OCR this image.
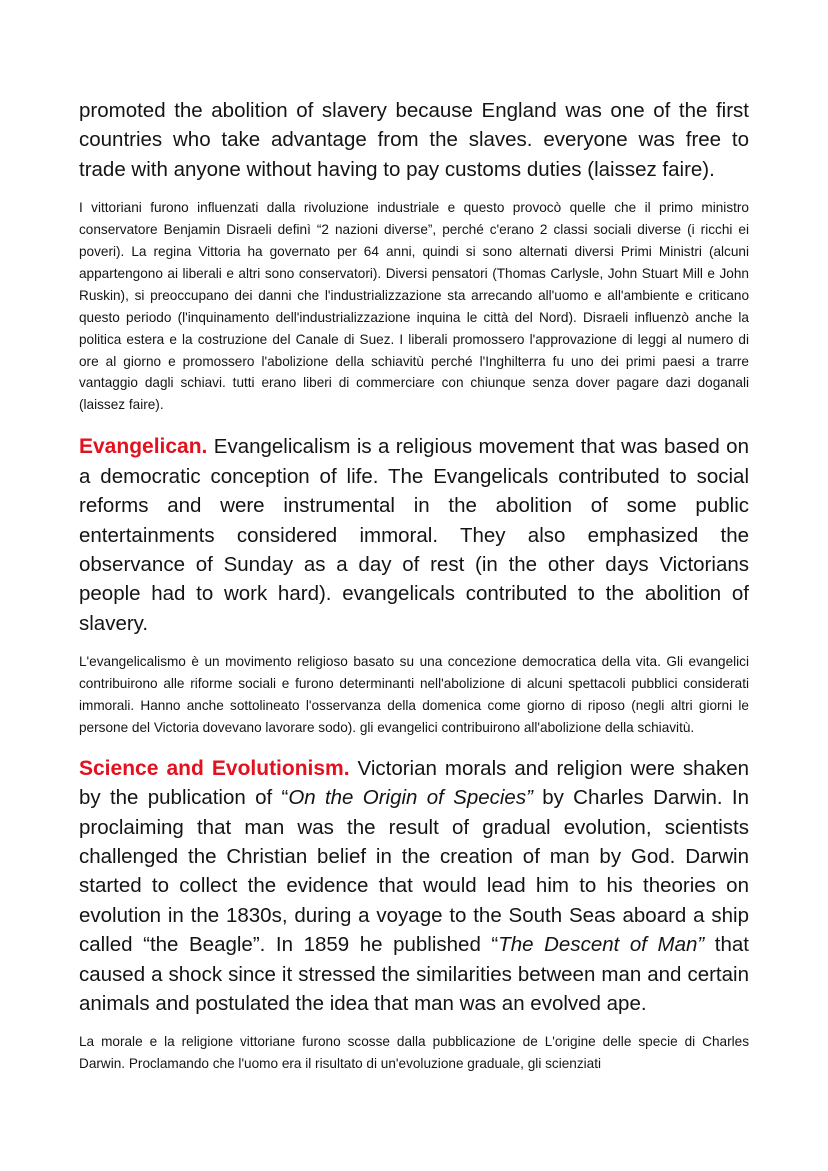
promoted the abolition of slavery because England was one of the first countries who take advantage from the slaves. everyone was free to trade with anyone without having to pay customs duties (laissez faire).

I vittoriani furono influenzati dalla rivoluzione industriale e questo provocò quelle che il primo ministro conservatore Benjamin Disraeli definì “2 nazioni diverse”, perché c'erano 2 classi sociali diverse (i ricchi ei poveri). La regina Vittoria ha governato per 64 anni, quindi si sono alternati diversi Primi Ministri (alcuni appartengono ai liberali e altri sono conservatori). Diversi pensatori (Thomas Carlysle, John Stuart Mill e John Ruskin), si preoccupano dei danni che l'industrializzazione sta arrecando all'uomo e all'ambiente e criticano questo periodo (l'inquinamento dell'industrializzazione inquina le città del Nord). Disraeli influenzò anche la politica estera e la costruzione del Canale di Suez. I liberali promossero l'approvazione di leggi al numero di ore al giorno e promossero l'abolizione della schiavitù perché l'Inghilterra fu uno dei primi paesi a trarre vantaggio dagli schiavi. tutti erano liberi di commerciare con chiunque senza dover pagare dazi doganali (laissez faire).

Evangelican. Evangelicalism is a religious movement that was based on a democratic conception of life. The Evangelicals contributed to social reforms and were instrumental in the abolition of some public entertainments considered immoral. They also emphasized the observance of Sunday as a day of rest (in the other days Victorians people had to work hard). evangelicals contributed to the abolition of slavery.

L'evangelicalismo è un movimento religioso basato su una concezione democratica della vita. Gli evangelici contribuirono alle riforme sociali e furono determinanti nell'abolizione di alcuni spettacoli pubblici considerati immorali. Hanno anche sottolineato l'osservanza della domenica come giorno di riposo (negli altri giorni le persone del Victoria dovevano lavorare sodo). gli evangelici contribuirono all'abolizione della schiavitù.

Science and Evolutionism. Victorian morals and religion were shaken by the publication of “On the Origin of Species” by Charles Darwin. In proclaiming that man was the result of gradual evolution, scientists challenged the Christian belief in the creation of man by God. Darwin started to collect the evidence that would lead him to his theories on evolution in the 1830s, during a voyage to the South Seas aboard a ship called “the Beagle”. In 1859 he published “The Descent of Man” that caused a shock since it stressed the similarities between man and certain animals and postulated the idea that man was an evolved ape.

La morale e la religione vittoriane furono scosse dalla pubblicazione de L'origine delle specie di Charles Darwin. Proclamando che l'uomo era il risultato di un'evoluzione graduale, gli scienziati
